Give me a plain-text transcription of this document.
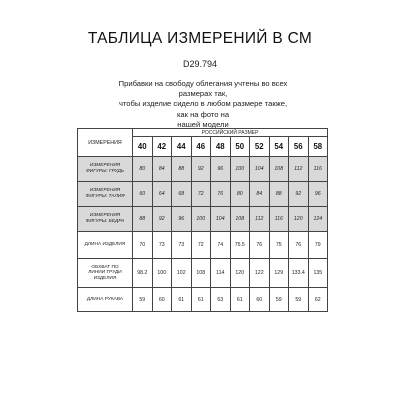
ТАБЛИЦА ИЗМЕРЕНИЙ В СМ
D29.794
Прибавки на свободу облегания учтены во всех размерах так,
чтобы изделие сидело в любом размере также, как на фото на
нашей модели
ИЗМЕРЕНИЯ	РОССИЙСКИЙ РАЗМЕР									
	40	42	44	46	48	50	52	54	56	58

ИЗМЕРЕНИЯ
ФИГУРЫ: ГРУДЬ	80	84	88	92	96	100	104	108	112	116

ИЗМЕРЕНИЯ
ФИГУРЫ: ТАЛИЯ	60	64	68	72	76	80	84	88	92	96

ИЗМЕРЕНИЯ
ФИГУРЫ: БЕДРА	88	92	96	100	104	108	112	116	120	124

ДЛИНА ИЗДЕЛИЯ	70	73	73	72	74	75.5	76	75	76	79

ОБХВАТ ПО
ЛИНИИ ГРУДИ
ИЗДЕЛИЯ	98.2	100	102	108	114	120	122	129	133.4	135

ДЛИНА РУКАВА	59	60	61	61	63	61	60	59	59	62
